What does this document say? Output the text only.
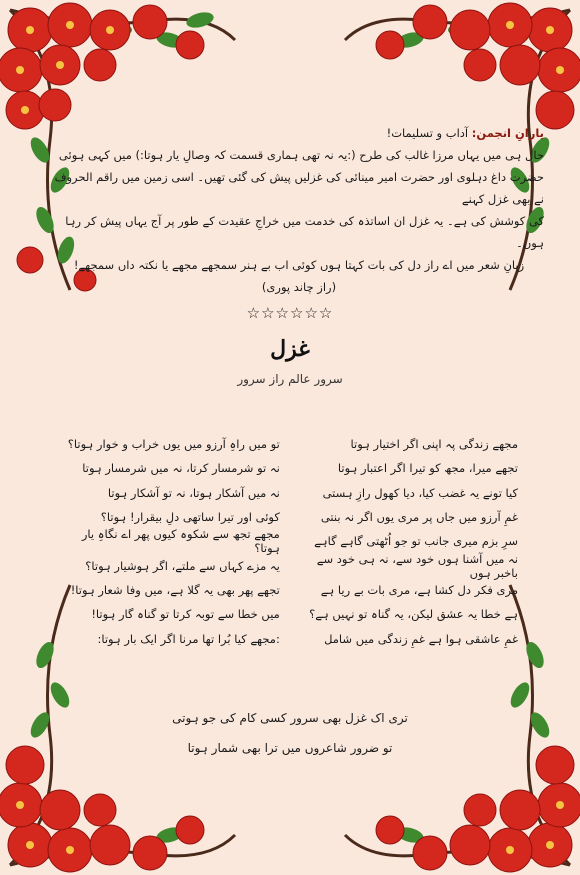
یارانِ انجمن: آداب و تسلیمات!

حال ہی میں یہاں مرزا غالب کی طرح (:یہ نہ تھی ہماری قسمت کہ وصالِ یار ہوتا:) میں کہی ہوئی

حضرت داغ دہلوی اور حضرت امیر مینائی کی غزلیں پیش کی گئی تھیں۔ اسی زمین میں راقم الحروف نے بھی غزل کہنے

کی کوشش کی ہے۔ یہ غزل ان اساتذہ کی خدمت میں خراجِ عقیدت کے طور پر آج یہاں پیش کر رہا ہوں۔

زبانِ شعر میں اے راز دل کی بات کہتا ہوں کوئی اب بے ہنر سمجھے مجھے یا نکتہ داں سمجھے!

(راز چاند پوری)

☆☆☆☆☆☆
غزل
سرور عالم راز سرور
مجھے زندگی پہ اپنی اگر اختیار ہوتا
تو میں راہِ آرزو میں یوں خراب و خوار ہوتا؟
تجھے میرا، مجھ کو تیرا اگر اعتبار ہوتا
نہ تو شرمسار کرتا، نہ میں شرمسار ہوتا
کیا تونے یہ غضب کیا، دیا کھول رازِ ہستی
نہ میں آشکار ہوتا، نہ تو آشکار ہوتا
غمِ آرزو میں جاں پر مری یوں اگر نہ بنتی
کوئی اور تیرا ساتھی دلِ بیقرار! ہوتا؟
سرِ بزم میری جانب تو جو اُٹھتی گاہے گاہے
مجھے تجھ سے شکوہ کیوں پھر اے نگاہِ یار ہوتا؟
نہ میں آشنا ہوں خود سے، نہ ہی خود سے باخبر ہوں
یہ مزے کہاں سے ملتے، اگر ہوشیار ہوتا؟
مری فکر دل کشا ہے، مری بات بے ریا ہے
تجھے پھر بھی یہ گلا ہے، میں وفا شعار ہوتا!
ہے خطا یہ عشق لیکن، یہ گناہ تو نہیں ہے؟
میں خطا سے توبہ کرتا تو گناہ گار ہوتا!
غمِ عاشقی ہوا ہے غمِ زندگی میں شامل
:مجھے کیا بُرا تھا مرنا اگر ایک بار ہوتا:
تری اک غزل بھی سرور کسی کام کی جو ہوتی
تو ضرور شاعروں میں ترا بھی شمار ہوتا
